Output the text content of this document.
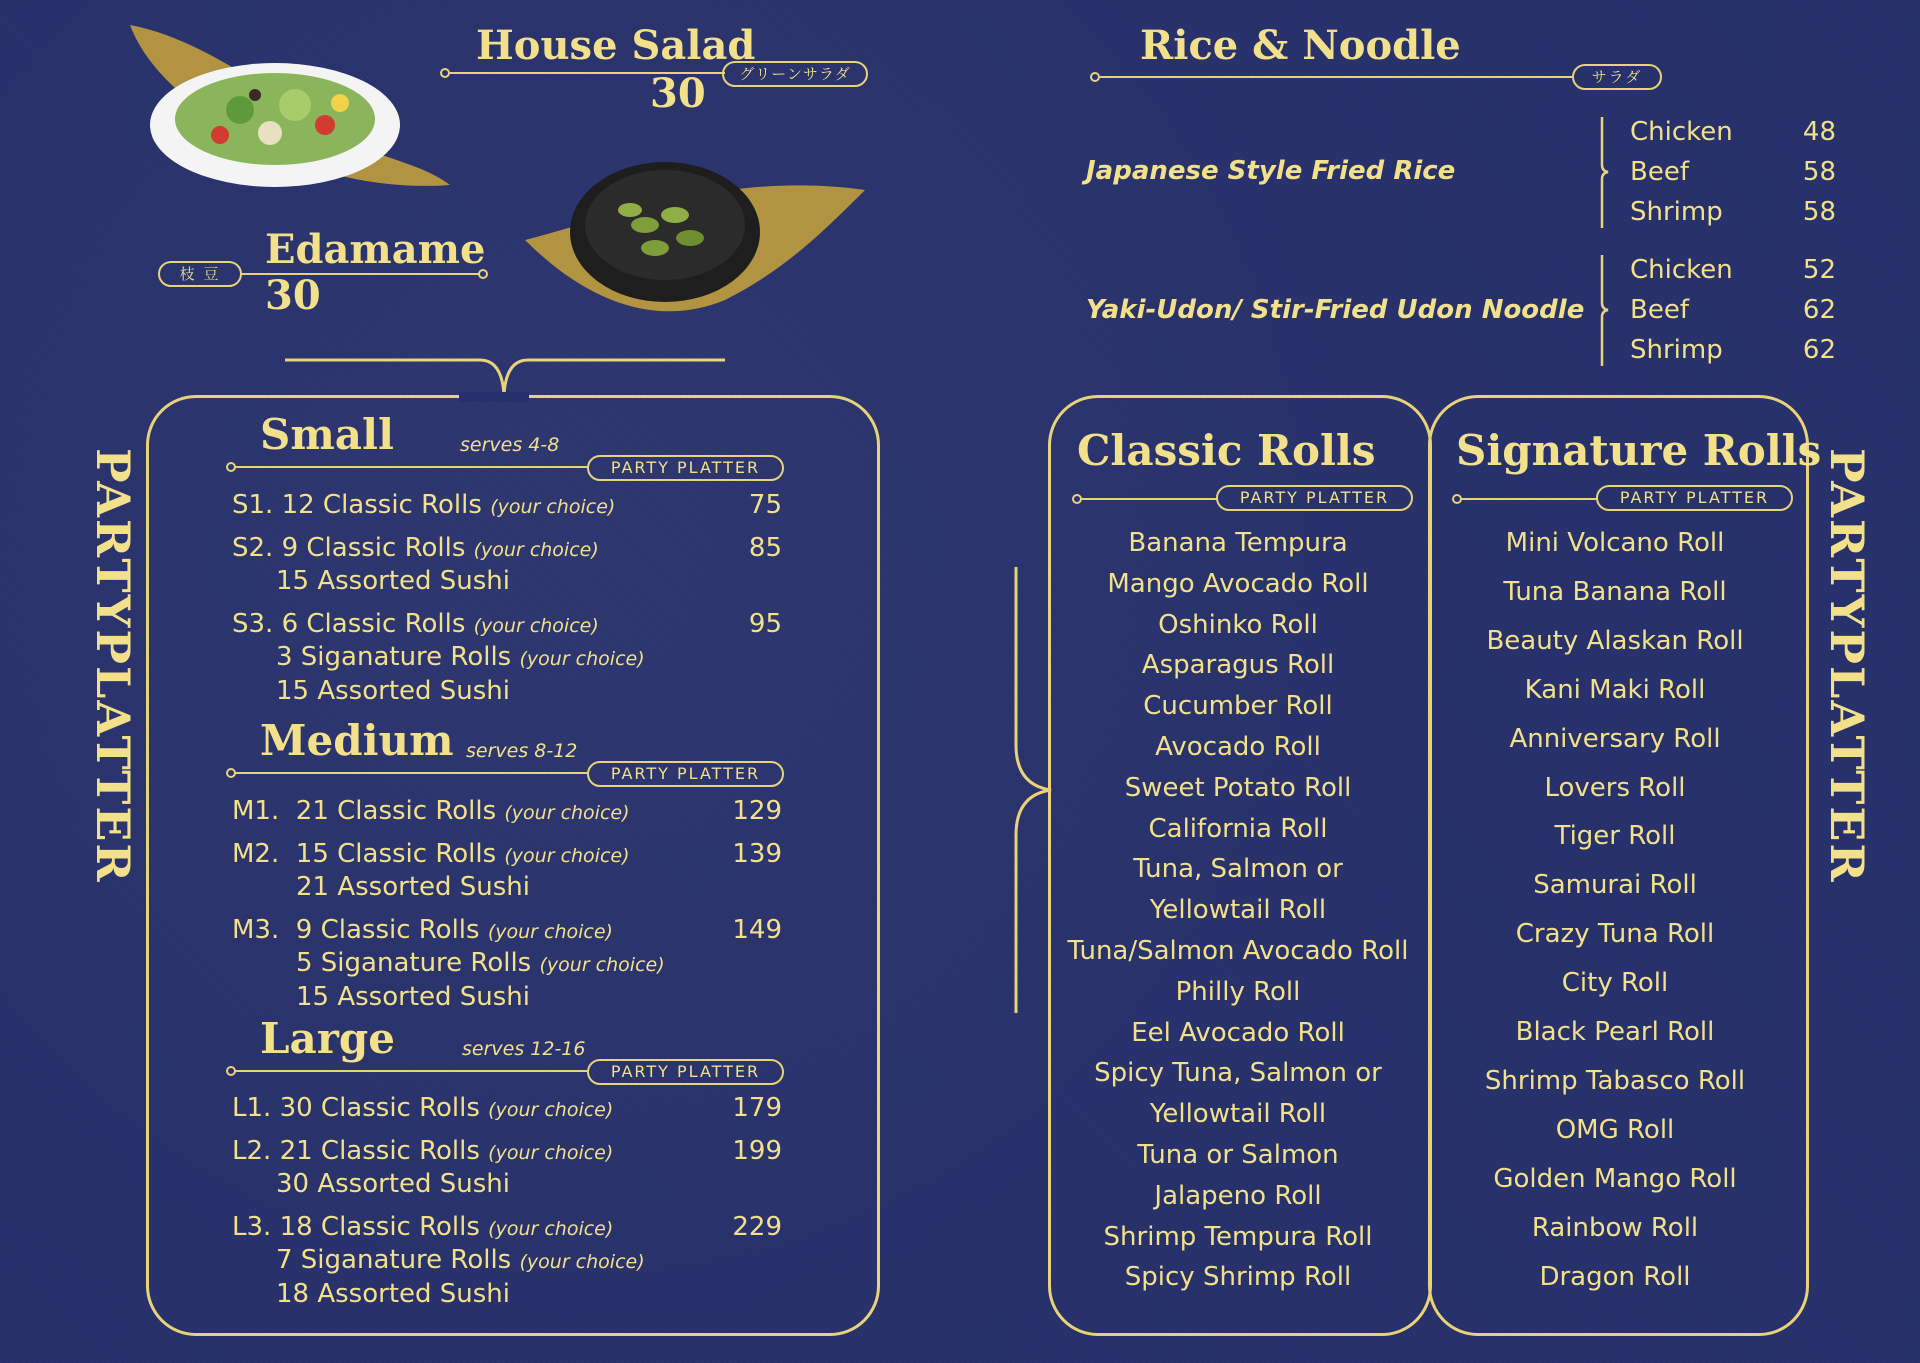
House Salad
グリーンサラダ
30
枝 豆
Edamame
30
PARTYPLATTER
Small	serves 4-8
PARTY PLATTER
S1. 12 Classic Rolls (your choice)	75
S2. 9 Classic Rolls (your choice)	85
15 Assorted Sushi
S3. 6 Classic Rolls (your choice)	95
3 Siganature Rolls (your choice)
15 Assorted Sushi
Medium serves 8-12
PARTY PLATTER
M1. 21 Classic Rolls (your choice)	129
M2. 15 Classic Rolls (your choice)	139
21 Assorted Sushi
M3. 9 Classic Rolls (your choice)	149
5 Siganature Rolls (your choice)
15 Assorted Sushi
Large	serves 12-16
PARTY PLATTER
L1. 30 Classic Rolls (your choice)	179
L2. 21 Classic Rolls (your choice)	199
30 Assorted Sushi
L3. 18 Classic Rolls (your choice)	229
7 Siganature Rolls (your choice)
18 Assorted Sushi
Rice & Noodle
サラダ
Japanese Style Fried Rice
Chicken	48
Beef	58
Shrimp	58
Yaki-Udon/ Stir-Fried Udon Noodle
Chicken	52
Beef	62
Shrimp	62
Classic Rolls
PARTY PLATTER
Banana Tempura
Mango Avocado Roll
Oshinko Roll
Asparagus Roll
Cucumber Roll
Avocado Roll
Sweet Potato Roll
California Roll
Tuna, Salmon or
Yellowtail Roll
Tuna/Salmon Avocado Roll
Philly Roll
Eel Avocado Roll
Spicy Tuna, Salmon or
Yellowtail Roll
Tuna or Salmon
Jalapeno Roll
Shrimp Tempura Roll
Spicy Shrimp Roll
Signature Rolls
PARTY PLATTER
Mini Volcano Roll
Tuna Banana Roll
Beauty Alaskan Roll
Kani Maki Roll
Anniversary Roll
Lovers Roll
Tiger Roll
Samurai Roll
Crazy Tuna Roll
City Roll
Black Pearl Roll
Shrimp Tabasco Roll
OMG Roll
Golden Mango Roll
Rainbow Roll
Dragon Roll
PARTYPLATTER
